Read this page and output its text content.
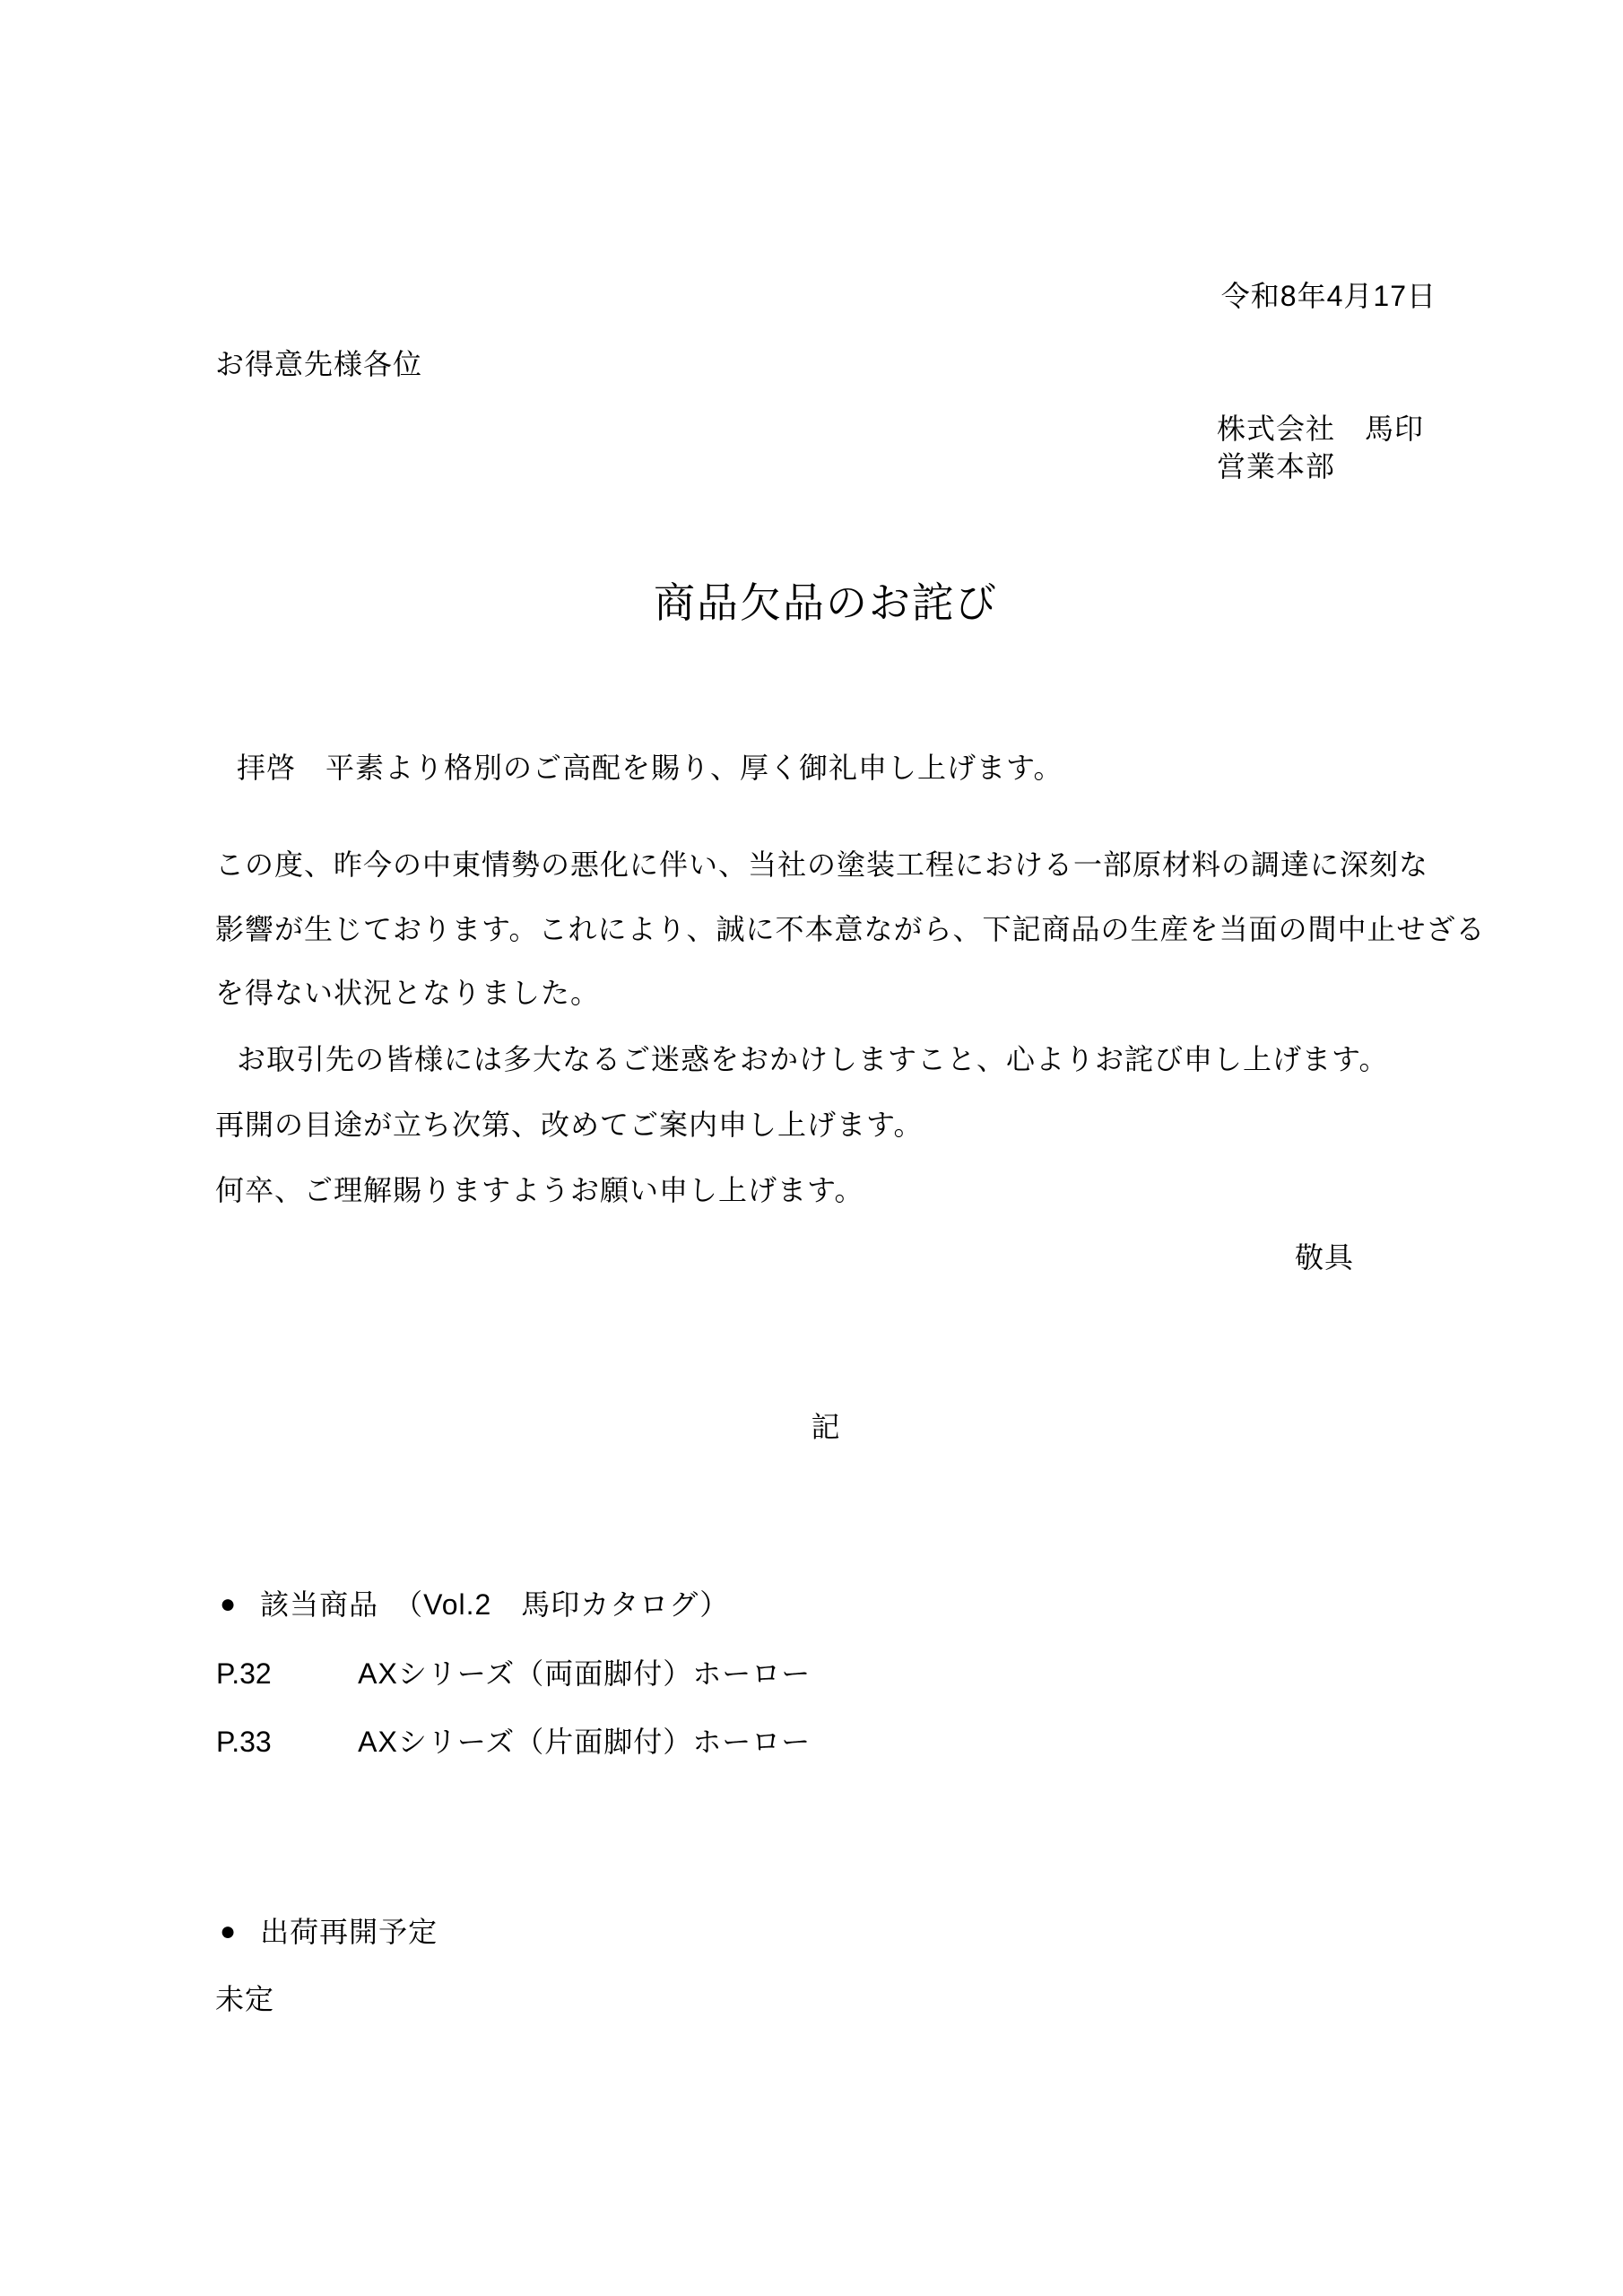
令和8年4月17日
お得意先様各位
株式会社　馬印
営業本部
商品欠品のお詫び
拝啓　平素より格別のご高配を賜り、厚く御礼申し上げます。
この度、昨今の中東情勢の悪化に伴い、当社の塗装工程における一部原材料の調達に深刻な
影響が生じております。これにより、誠に不本意ながら、下記商品の生産を当面の間中止せざる
を得ない状況となりました。
お取引先の皆様には多大なるご迷惑をおかけしますこと、心よりお詫び申し上げます。
再開の目途が立ち次第、改めてご案内申し上げます。
何卒、ご理解賜りますようお願い申し上げます。
敬具
記
● 該当商品　（Vol.2　馬印カタログ）
P.32	AXシリーズ（両面脚付）ホーロー
P.33	AXシリーズ（片面脚付）ホーロー
● 出荷再開予定
未定
